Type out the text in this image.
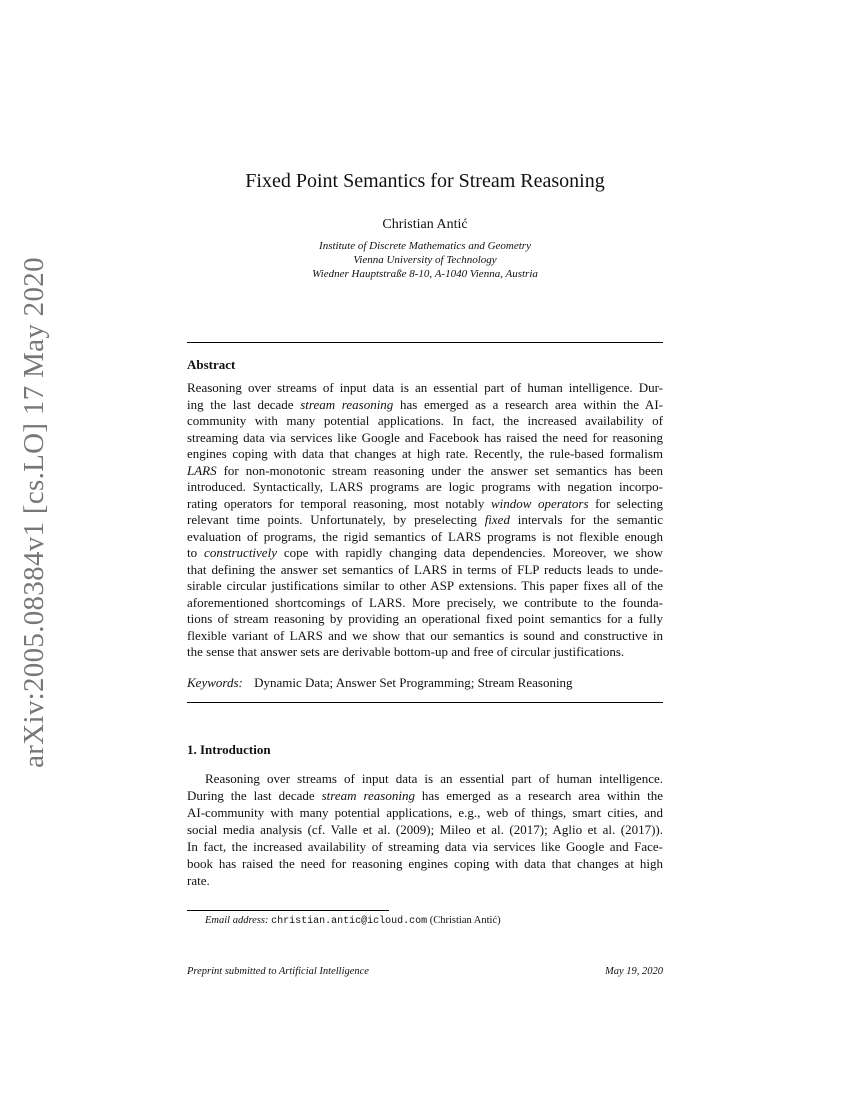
arXiv:2005.08384v1 [cs.LO] 17 May 2020
Fixed Point Semantics for Stream Reasoning
Christian Antić
Institute of Discrete Mathematics and Geometry
Vienna University of Technology
Wiedner Hauptstraße 8-10, A-1040 Vienna, Austria
Abstract
Reasoning over streams of input data is an essential part of human intelligence. Dur-
ing the last decade stream reasoning has emerged as a research area within the AI-
community with many potential applications. In fact, the increased availability of
streaming data via services like Google and Facebook has raised the need for reasoning
engines coping with data that changes at high rate. Recently, the rule-based formalism
LARS for non-monotonic stream reasoning under the answer set semantics has been
introduced. Syntactically, LARS programs are logic programs with negation incorpo-
rating operators for temporal reasoning, most notably window operators for selecting
relevant time points. Unfortunately, by preselecting fixed intervals for the semantic
evaluation of programs, the rigid semantics of LARS programs is not flexible enough
to constructively cope with rapidly changing data dependencies. Moreover, we show
that defining the answer set semantics of LARS in terms of FLP reducts leads to unde-
sirable circular justifications similar to other ASP extensions. This paper fixes all of the
aforementioned shortcomings of LARS. More precisely, we contribute to the founda-
tions of stream reasoning by providing an operational fixed point semantics for a fully
flexible variant of LARS and we show that our semantics is sound and constructive in
the sense that answer sets are derivable bottom-up and free of circular justifications.
Keywords: Dynamic Data; Answer Set Programming; Stream Reasoning
1. Introduction
Reasoning over streams of input data is an essential part of human intelligence.
During the last decade stream reasoning has emerged as a research area within the
AI-community with many potential applications, e.g., web of things, smart cities, and
social media analysis (cf. Valle et al. (2009); Mileo et al. (2017); Aglio et al. (2017)).
In fact, the increased availability of streaming data via services like Google and Face-
book has raised the need for reasoning engines coping with data that changes at high
rate.
Email address: christian.antic@icloud.com (Christian Antić)
Preprint submitted to Artificial Intelligence	May 19, 2020
